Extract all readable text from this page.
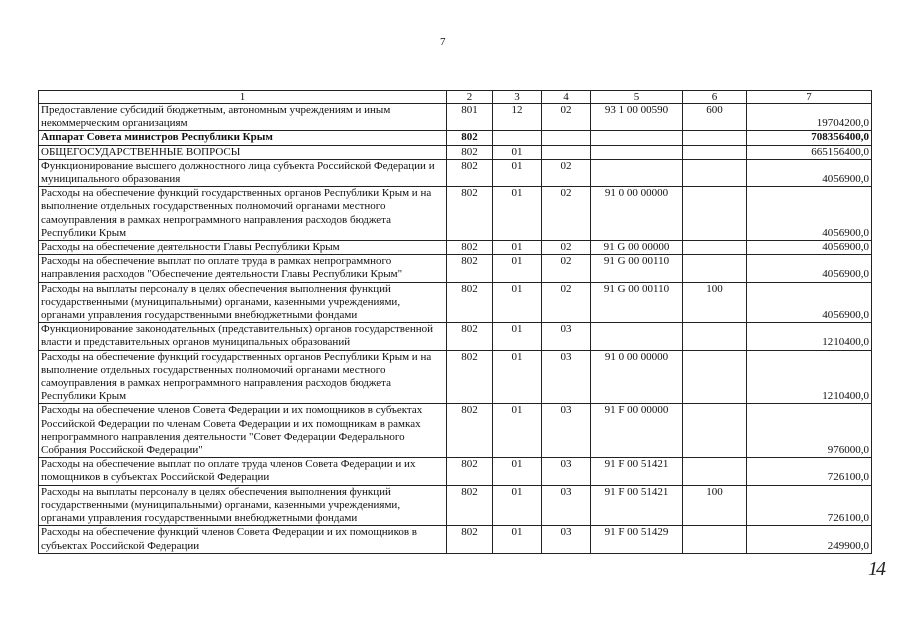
7
1	2	3	4	5	6	7
Предоставление субсидий бюджетным, автономным учреждениям и иным некоммерческим организациям	801	12	02	93 1 00 00590	600	19704200,0
Аппарат Совета министров Республики Крым	802					708356400,0
ОБЩЕГОСУДАРСТВЕННЫЕ ВОПРОСЫ	802	01				665156400,0
Функционирование высшего должностного лица субъекта Российской Федерации и муниципального образования	802	01	02			4056900,0
Расходы на обеспечение функций государственных органов Республики Крым и на выполнение отдельных государственных полномочий органами местного самоуправления в рамках непрограммного направления расходов бюджета Республики Крым	802	01	02	91 0 00 00000		4056900,0
Расходы на обеспечение деятельности Главы Республики Крым	802	01	02	91 G 00 00000		4056900,0
Расходы на обеспечение выплат по оплате труда в рамках непрограммного направления расходов "Обеспечение деятельности Главы Республики Крым"	802	01	02	91 G 00 00110		4056900,0
Расходы на выплаты персоналу в целях обеспечения выполнения функций государственными (муниципальными) органами, казенными учреждениями, органами управления государственными внебюджетными фондами	802	01	02	91 G 00 00110	100	4056900,0
Функционирование законодательных (представительных) органов государственной власти и представительных органов муниципальных образований	802	01	03			1210400,0
Расходы на обеспечение функций государственных органов Республики Крым и на выполнение отдельных государственных полномочий органами местного самоуправления в рамках непрограммного направления расходов бюджета Республики Крым	802	01	03	91 0 00 00000		1210400,0
Расходы на обеспечение членов Совета Федерации и их помощников в субъектах Российской Федерации по членам Совета Федерации и их помощникам в рамках непрограммного направления деятельности "Совет Федерации Федерального Собрания Российской Федерации"	802	01	03	91 F 00 00000		976000,0
Расходы на обеспечение выплат по оплате труда членов Совета Федерации и их помощников в субъектах Российской Федерации	802	01	03	91 F 00 51421		726100,0
Расходы на выплаты персоналу в целях обеспечения выполнения функций государственными (муниципальными) органами, казенными учреждениями, органами управления государственными внебюджетными фондами	802	01	03	91 F 00 51421	100	726100,0
Расходы на обеспечение функций членов Совета Федерации и их помощников в субъектах Российской Федерации	802	01	03	91 F 00 51429		249900,0
14
